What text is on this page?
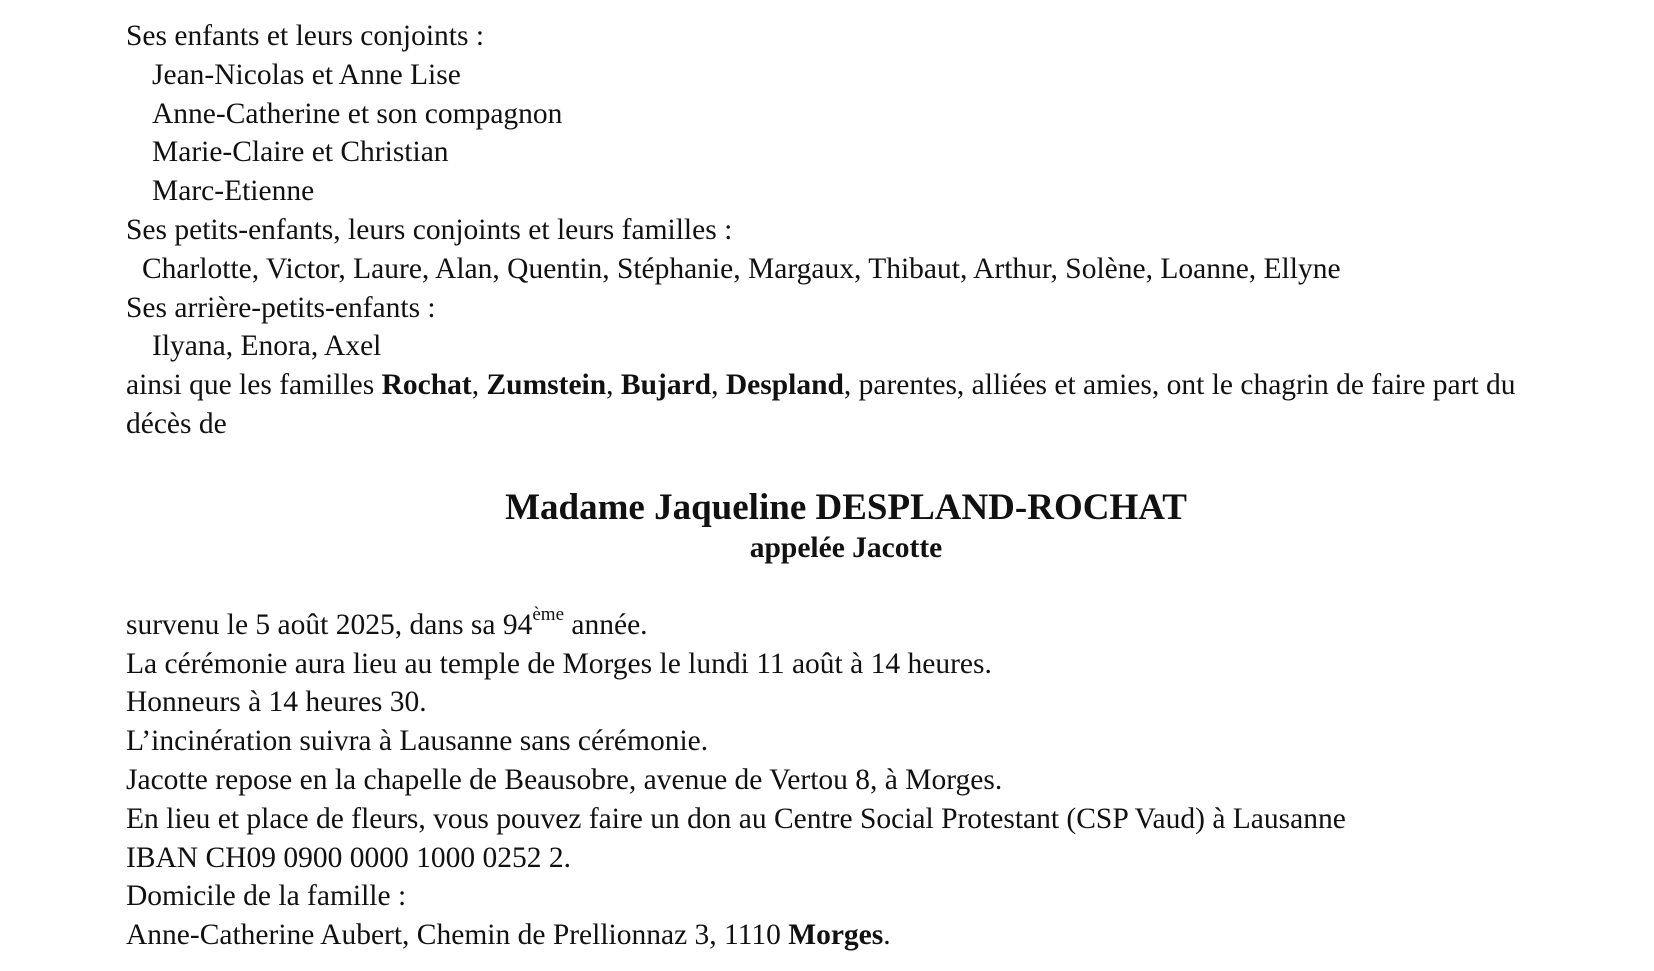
Ses enfants et leurs conjoints :
Jean-Nicolas et Anne Lise
Anne-Catherine et son compagnon
Marie-Claire et Christian
Marc-Etienne
Ses petits-enfants, leurs conjoints et leurs familles :
Charlotte, Victor, Laure, Alan, Quentin, Stéphanie, Margaux, Thibaut, Arthur, Solène, Loanne, Ellyne
Ses arrière-petits-enfants :
Ilyana, Enora, Axel
ainsi que les familles Rochat, Zumstein, Bujard, Despland, parentes, alliées et amies, ont le chagrin de faire part du décès de
Madame Jaqueline DESPLAND-ROCHAT
appelée Jacotte
survenu le 5 août 2025, dans sa 94ème année.
La cérémonie aura lieu au temple de Morges le lundi 11 août à 14 heures.
Honneurs à 14 heures 30.
L’incinération suivra à Lausanne sans cérémonie.
Jacotte repose en la chapelle de Beausobre, avenue de Vertou 8, à Morges.
En lieu et place de fleurs, vous pouvez faire un don au Centre Social Protestant (CSP Vaud) à Lausanne
IBAN CH09 0900 0000 1000 0252 2.
Domicile de la famille :
Anne-Catherine Aubert, Chemin de Prellionnaz 3, 1110 Morges.
